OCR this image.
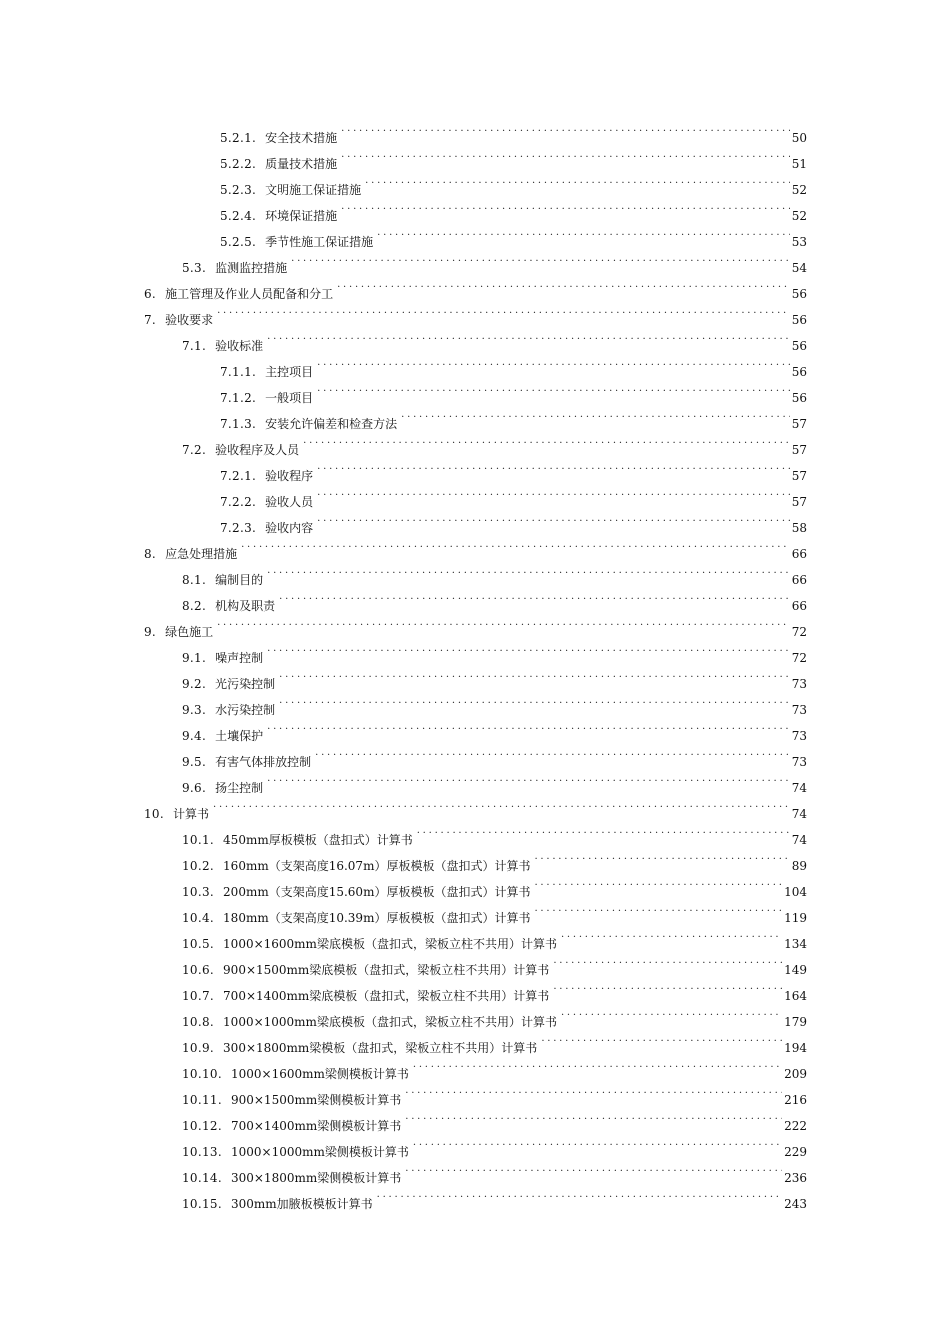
5.2.1. 安全技术措施 . . .	50
5.2.2. 质量技术措施 . . .	51
5.2.3. 文明施工保证措施 . . .	52
5.2.4. 环境保证措施 . . .	52
5.2.5. 季节性施工保证措施 . . .	53
5.3. 监测监控措施 . . .	54
6. 施工管理及作业人员配备和分工 . . .	56
7. 验收要求 . . .	56
7.1. 验收标准 . . .	56
7.1.1. 主控项目 . . .	56
7.1.2. 一般项目 . . .	56
7.1.3. 安装允许偏差和检查方法 . . .	57
7.2. 验收程序及人员 . . .	57
7.2.1. 验收程序 . . .	57
7.2.2. 验收人员 . . .	57
7.2.3. 验收内容 . . .	58
8. 应急处理措施 . . .	66
8.1. 编制目的 . . .	66
8.2. 机构及职责 . . .	66
9. 绿色施工 . . .	72
9.1. 噪声控制 . . .	72
9.2. 光污染控制 . . .	73
9.3. 水污染控制 . . .	73
9.4. 土壤保护 . . .	73
9.5. 有害气体排放控制 . . .	73
9.6. 扬尘控制 . . .	74
10. 计算书 . . .	74
10.1. 450mm厚板模板（盘扣式）计算书 . . .	74
10.2. 160mm（支架高度16.07m）厚板模板（盘扣式）计算书 . . .	89
10.3. 200mm（支架高度15.60m）厚板模板（盘扣式）计算书 . . .	104
10.4. 180mm（支架高度10.39m）厚板模板（盘扣式）计算书 . . .	119
10.5. 1000×1600mm梁底模板（盘扣式，梁板立柱不共用）计算书 . . .	134
10.6. 900×1500mm梁底模板（盘扣式，梁板立柱不共用）计算书 . . .	149
10.7. 700×1400mm梁底模板（盘扣式，梁板立柱不共用）计算书 . . .	164
10.8. 1000×1000mm梁底模板（盘扣式，梁板立柱不共用）计算书 . . .	179
10.9. 300×1800mm梁模板（盘扣式，梁板立柱不共用）计算书 . . .	194
10.10. 1000×1600mm梁侧模板计算书 . . .	209
10.11. 900×1500mm梁侧模板计算书 . . .	216
10.12. 700×1400mm梁侧模板计算书 . . .	222
10.13. 1000×1000mm梁侧模板计算书 . . .	229
10.14. 300×1800mm梁侧模板计算书 . . .	236
10.15. 300mm加腋板模板计算书 . . .	243
